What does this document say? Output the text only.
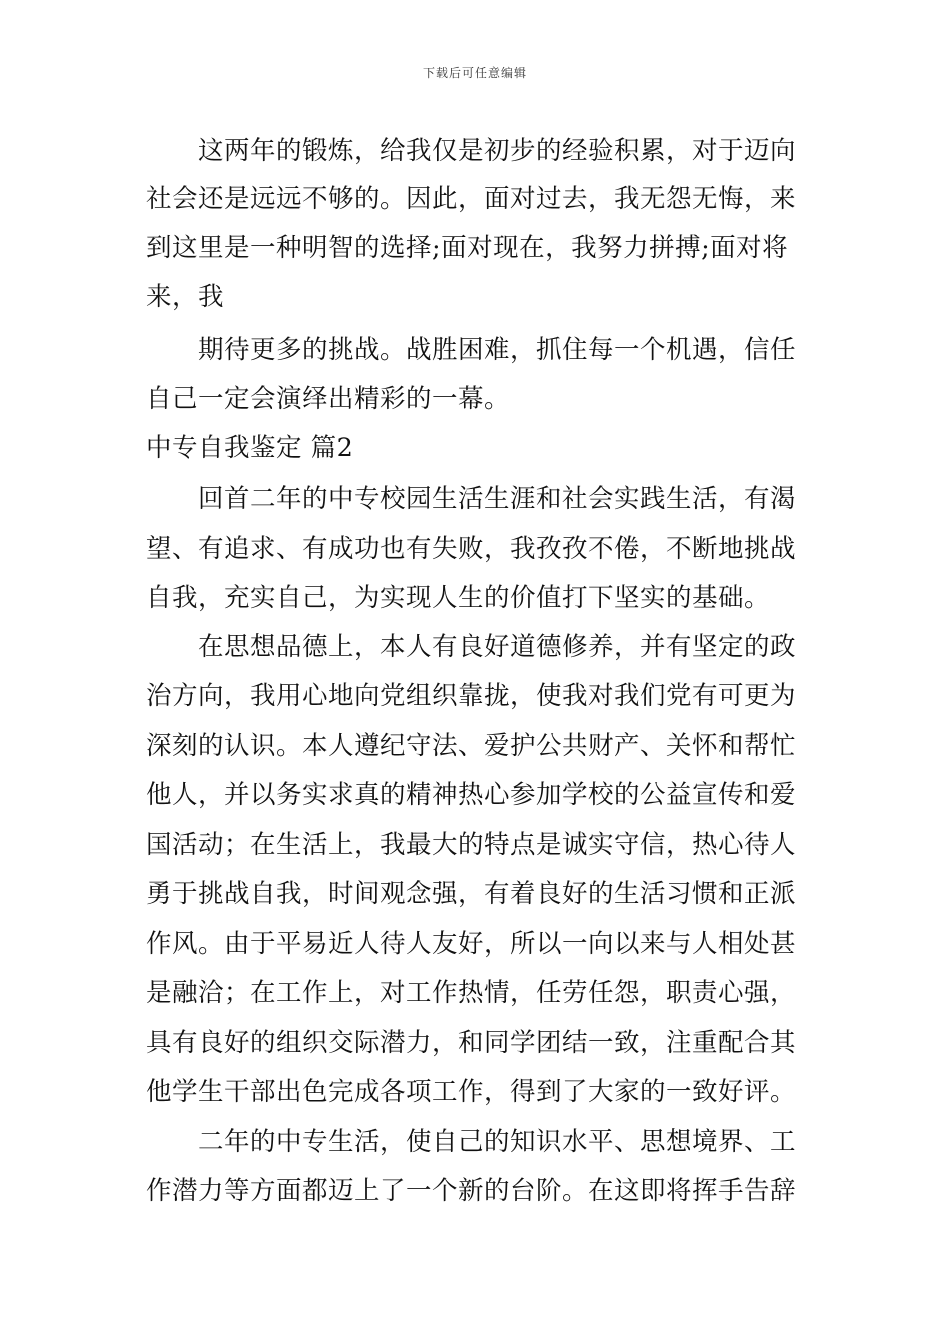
下载后可任意编辑
这两年的锻炼，给我仅是初步的经验积累，对于迈向
社会还是远远不够的。因此，面对过去，我无怨无悔，来
到这里是一种明智的选择;面对现在，我努力拼搏;面对将
来，我
期待更多的挑战。战胜困难，抓住每一个机遇，信任
自己一定会演绎出精彩的一幕。
中专自我鉴定 篇2
回首二年的中专校园生活生涯和社会实践生活，有渴
望、有追求、有成功也有失败，我孜孜不倦，不断地挑战
自我，充实自己，为实现人生的价值打下坚实的基础。
在思想品德上，本人有良好道德修养，并有坚定的政
治方向，我用心地向党组织靠拢，使我对我们党有可更为
深刻的认识。本人遵纪守法、爱护公共财产、关怀和帮忙
他人，并以务实求真的精神热心参加学校的公益宣传和爱
国活动；在生活上，我最大的特点是诚实守信，热心待人
勇于挑战自我，时间观念强，有着良好的生活习惯和正派
作风。由于平易近人待人友好，所以一向以来与人相处甚
是融洽；在工作上，对工作热情，任劳任怨，职责心强，
具有良好的组织交际潜力，和同学团结一致，注重配合其
他学生干部出色完成各项工作，得到了大家的一致好评。
二年的中专生活，使自己的知识水平、思想境界、工
作潜力等方面都迈上了一个新的台阶。在这即将挥手告辞
